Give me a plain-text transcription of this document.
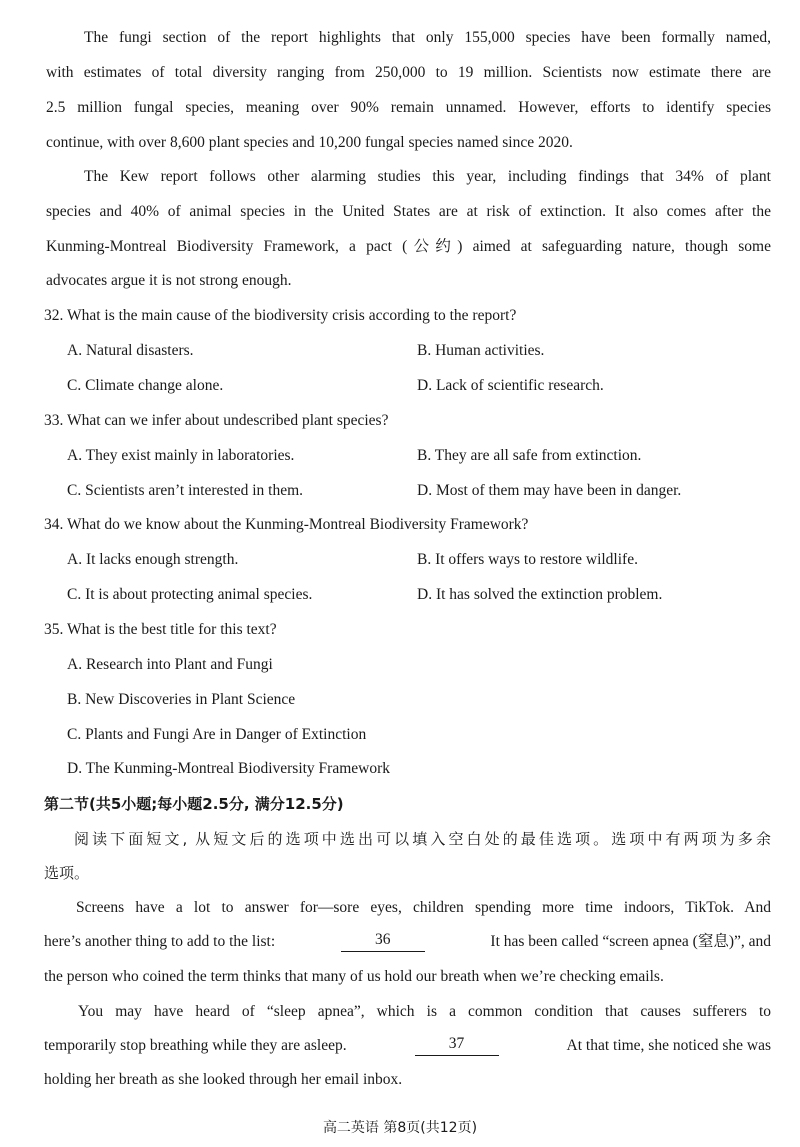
The fungi section of the report highlights that only 155,000 species have been formally named,
with estimates of total diversity ranging from 250,000 to 19 million. Scientists now estimate there are
2.5 million fungal species, meaning over 90% remain unnamed. However, efforts to identify species
continue, with over 8,600 plant species and 10,200 fungal species named since 2020.
The Kew report follows other alarming studies this year, including findings that 34% of plant
species and 40% of animal species in the United States are at risk of extinction. It also comes after the
Kunming-Montreal Biodiversity Framework, a pact (公约) aimed at safeguarding nature, though some
advocates argue it is not strong enough.
32. What is the main cause of the biodiversity crisis according to the report?
A. Natural disasters.	B. Human activities.
C. Climate change alone.	D. Lack of scientific research.
33. What can we infer about undescribed plant species?
A. They exist mainly in laboratories.	B. They are all safe from extinction.
C. Scientists aren’t interested in them.	D. Most of them may have been in danger.
34. What do we know about the Kunming-Montreal Biodiversity Framework?
A. It lacks enough strength.	B. It offers ways to restore wildlife.
C. It is about protecting animal species.	D. It has solved the extinction problem.
35. What is the best title for this text?
A. Research into Plant and Fungi
B. New Discoveries in Plant Science
C. Plants and Fungi Are in Danger of Extinction
D. The Kunming-Montreal Biodiversity Framework
第二节(共5小题;每小题2.5分, 满分12.5分)
阅读下面短文, 从短文后的选项中选出可以填入空白处的最佳选项。选项中有两项为多余
选项。
Screens have a lot to answer for—sore eyes, children spending more time indoors, TikTok. And
here’s another thing to add to the list:	36	It has been called “screen apnea (窒息)”, and
the person who coined the term thinks that many of us hold our breath when we’re checking emails.
You may have heard of “sleep apnea”, which is a common condition that causes sufferers to
temporarily stop breathing while they are asleep.	37	At that time, she noticed she was
holding her breath as she looked through her email inbox.
高二英语 第8页(共12页)
